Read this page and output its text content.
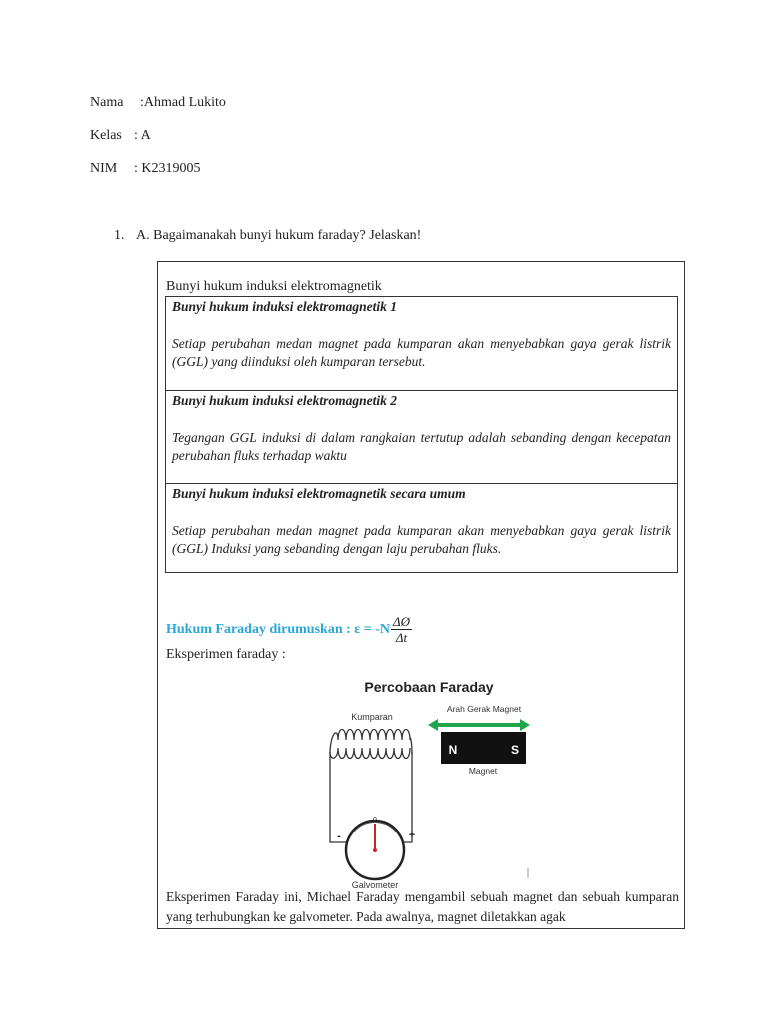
Nama :Ahmad Lukito
Kelas : A
NIM : K2319005
1. A. Bagaimanakah bunyi hukum faraday? Jelaskan!
Bunyi hukum induksi elektromagnetik
Bunyi hukum induksi elektromagnetik 1
Setiap perubahan medan magnet pada kumparan akan menyebabkan gaya gerak listrik (GGL) yang diinduksi oleh kumparan tersebut.
Bunyi hukum induksi elektromagnetik 2
Tegangan GGL induksi di dalam rangkaian tertutup adalah sebanding dengan kecepatan perubahan fluks terhadap waktu
Bunyi hukum induksi elektromagnetik secara umum
Setiap perubahan medan magnet pada kumparan akan menyebabkan gaya gerak listrik (GGL) Induksi yang sebanding dengan laju perubahan fluks.
Hukum Faraday dirumuskan : $\varepsilon = -N \frac{\Delta Ø}{\Delta t}$
Eksperimen faraday :
Percobaan Faraday
Kumparan
0
-	+
Galvometer
Arah Gerak Magnet
N	S
Magnet
Eksperimen Faraday ini, Michael Faraday mengambil sebuah magnet dan sebuah kumparan yang terhubungkan ke galvometer. Pada awalnya, magnet diletakkan agak
